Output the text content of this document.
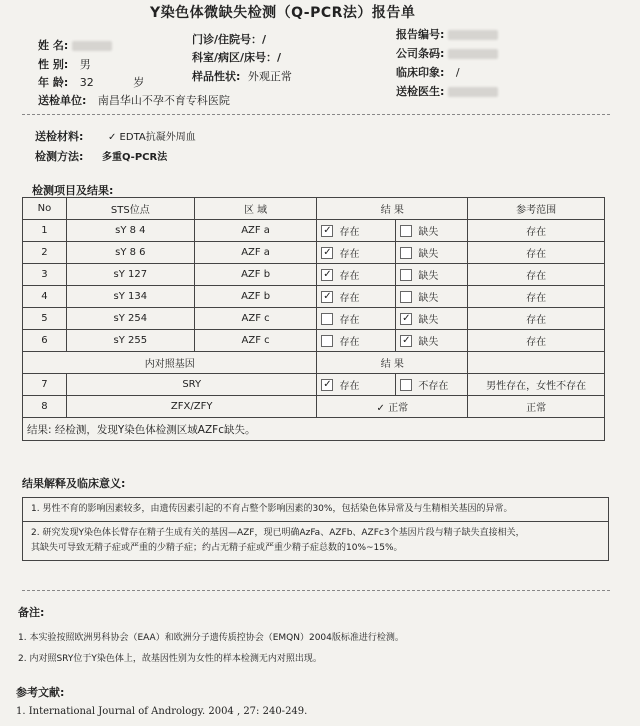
Y染色体微缺失检测（Q-PCR法）报告单
姓 名:
性 别: 男
年 龄: 32	岁
送检单位: 南昌华山不孕不育专科医院
门诊/住院号：/
科室/病区/床号：/
样品性状: 外观正常
报告编号:
公司条码:
临床印象: /
送检医生:
送检材料: ✓ EDTA抗凝外周血
检测方法: 多重Q-PCR法
检测项目及结果:
No	STS位点	区 域	结 果		参考范围
1	sY 8 4	AZF a	✓ 存在	缺失	存在
2	sY 8 6	AZF a	✓ 存在	缺失	存在
3	sY 127	AZF b	✓ 存在	缺失	存在
4	sY 134	AZF b	✓ 存在	缺失	存在
5	sY 254	AZF c	存在	✓ 缺失	存在
6	sY 255	AZF c	存在	✓ 缺失	存在
内对照基因			结 果		
7	SRY		✓ 存在	不存在	男性存在，女性不存在
8	ZFX/ZFY		✓ 正常		正常
结果: 经检测，发现Y染色体检测区域AZFc缺失。					
结果解释及临床意义:
1. 男性不育的影响因素较多，由遗传因素引起的不育占整个影响因素的30%，包括染色体异常及与生精相关基因的异常。
2. 研究发现Y染色体长臂存在精子生成有关的基因—AZF，现已明确AzFa、AZFb、AZFc3个基因片段与精子缺失直接相关，
其缺失可导致无精子症或严重的少精子症；约占无精子症或严重少精子症总数的10%~15%。
备注:
1. 本实验按照欧洲男科协会（EAA）和欧洲分子遗传质控协会（EMQN）2004版标准进行检测。
2. 内对照SRY位于Y染色体上，故基因性别为女性的样本检测无内对照出现。
参考文献:
1. International Journal of Andrology. 2004 , 27: 240-249.
